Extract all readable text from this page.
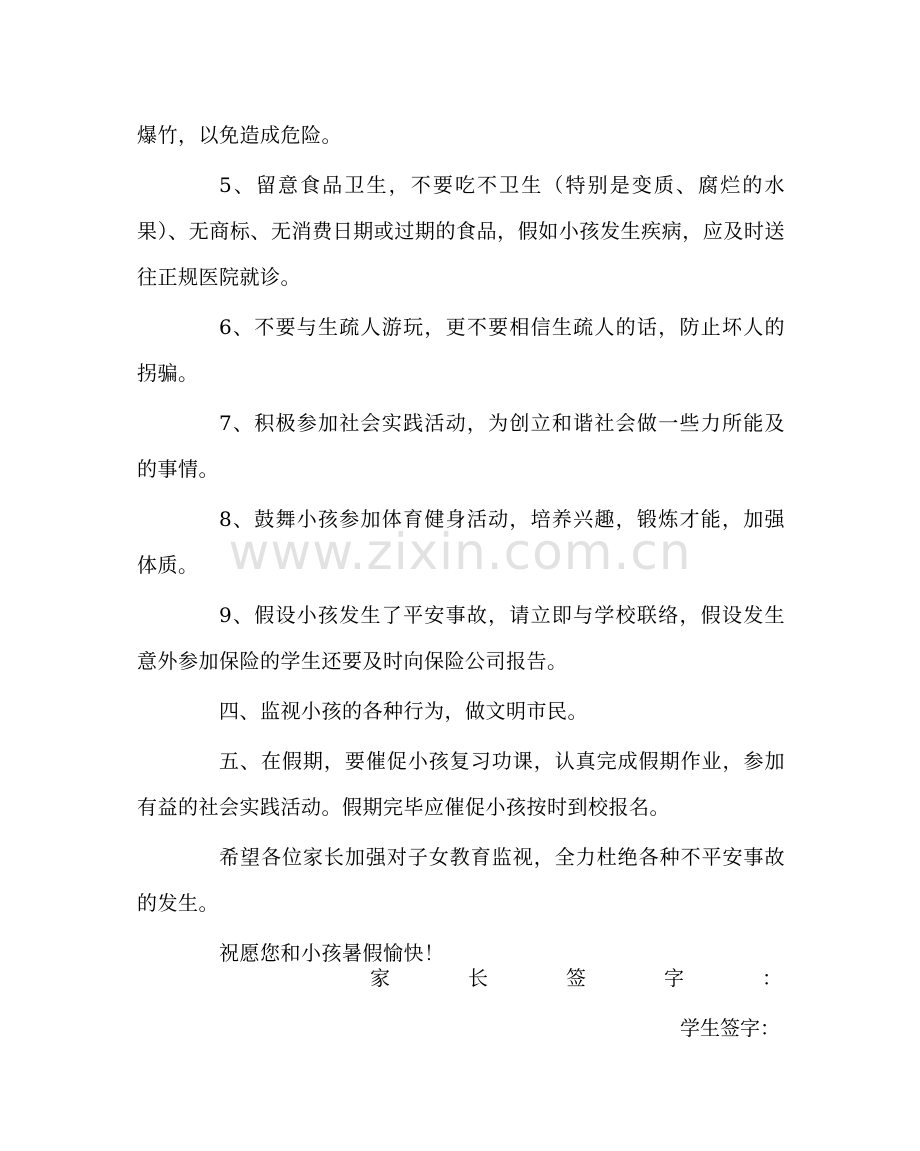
爆竹，以免造成危险。

5、留意食品卫生，不要吃不卫生（特别是变质、腐烂的水果）、无商标、无消费日期或过期的食品，假如小孩发生疾病，应及时送往正规医院就诊。

6、不要与生疏人游玩，更不要相信生疏人的话，防止坏人的拐骗。

7、积极参加社会实践活动，为创立和谐社会做一些力所能及的事情。

8、鼓舞小孩参加体育健身活动，培养兴趣，锻炼才能，加强体质。

9、假设小孩发生了平安事故，请立即与学校联络，假设发生意外参加保险的学生还要及时向保险公司报告。

四、监视小孩的各种行为，做文明市民。

五、在假期，要催促小孩复习功课，认真完成假期作业，参加有益的社会实践活动。假期完毕应催促小孩按时到校报名。

希望各位家长加强对子女教育监视，全力杜绝各种不平安事故的发生。

祝愿您和小孩暑假愉快！

家	长	签	字	：
学生签字：
www.zixin.com.cn
